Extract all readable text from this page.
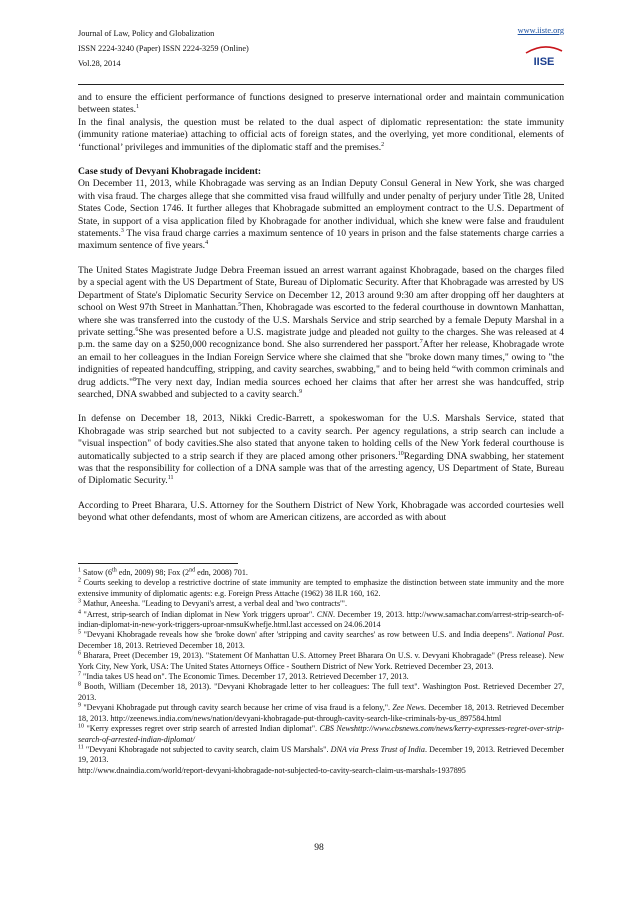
Journal of Law, Policy and Globalization
ISSN 2224-3240 (Paper) ISSN 2224-3259 (Online)
Vol.28, 2014
www.iiste.org
IISE

and to ensure the efficient performance of functions designed to preserve international order and maintain communication between states.$^1$

In the final analysis, the question must be related to the dual aspect of diplomatic representation: the state immunity (immunity ratione materiae) attaching to official acts of foreign states, and the overlying, yet more conditional, elements of ‘functional’ privileges and immunities of the diplomatic staff and the premises.$^2$

Case study of Devyani Khobragade incident:

On December 11, 2013, while Khobragade was serving as an Indian Deputy Consul General in New York, she was charged with visa fraud. The charges allege that she committed visa fraud willfully and under penalty of perjury under Title 28, United States Code, Section 1746. It further alleges that Khobragade submitted an employment contract to the U.S. Department of State, in support of a visa application filed by Khobragade for another individual, which she knew were false and fraudulent statements.$^3$ The visa fraud charge carries a maximum sentence of 10 years in prison and the false statements charge carries a maximum sentence of five years.$^4$

The United States Magistrate Judge Debra Freeman issued an arrest warrant against Khobragade, based on the charges filed by a special agent with the US Department of State, Bureau of Diplomatic Security. After that Khobragade was arrested by US Department of State's Diplomatic Security Service on December 12, 2013 around 9:30 am after dropping off her daughters at school on West 97th Street in Manhattan.$^5$Then, Khobragade was escorted to the federal courthouse in downtown Manhattan, where she was transferred into the custody of the U.S. Marshals Service and strip searched by a female Deputy Marshal in a private setting.$^6$She was presented before a U.S. magistrate judge and pleaded not guilty to the charges. She was released at 4 p.m. the same day on a $250,000 recognizance bond. She also surrendered her passport.$^7$After her release, Khobragade wrote an email to her colleagues in the Indian Foreign Service where she claimed that she "broke down many times," owing to "the indignities of repeated handcuffing, stripping, and cavity searches, swabbing," and to being held “with common criminals and drug addicts."$^8$The very next day, Indian media sources echoed her claims that after her arrest she was handcuffed, strip searched, DNA swabbed and subjected to a cavity search.$^9$

In defense on December 18, 2013, Nikki Credic-Barrett, a spokeswoman for the U.S. Marshals Service, stated that Khobragade was strip searched but not subjected to a cavity search. Per agency regulations, a strip search can include a "visual inspection" of body cavities.She also stated that anyone taken to holding cells of the New York federal courthouse is automatically subjected to a strip search if they are placed among other prisoners.$^{10}$Regarding DNA swabbing, her statement was that the responsibility for collection of a DNA sample was that of the arresting agency, US Department of State, Bureau of Diplomatic Security.$^{11}$

According to Preet Bharara, U.S. Attorney for the Southern District of New York, Khobragade was accorded courtesies well beyond what other defendants, most of whom are American citizens, are accorded as with about

$^1$ Satow (6th edn, 2009) 98; Fox (2nd edn, 2008) 701.

$^2$ Courts seeking to develop a restrictive doctrine of state immunity are tempted to emphasize the distinction between state immunity and the more extensive immunity of diplomatic agents: e.g. Foreign Press Attache (1962) 38 ILR 160, 162.

$^3$ Mathur, Aneesha. "Leading to Devyani's arrest, a verbal deal and 'two contracts'".

$^4$ "Arrest, strip-search of Indian diplomat in New York triggers uproar". CNN. December 19, 2013. http://www.samachar.com/arrest-strip-search-of-indian-diplomat-in-new-york-triggers-uproar-nmsuKwhefje.html.last accessed on 24.06.2014

$^5$ "Devyani Khobragade reveals how she 'broke down' after 'stripping and cavity searches' as row between U.S. and India deepens". National Post. December 18, 2013. Retrieved December 18, 2013.

$^6$ Bharara, Preet (December 19, 2013). "Statement Of Manhattan U.S. Attorney Preet Bharara On U.S. v. Devyani Khobragade" (Press release). New York City, New York, USA: The United States Attorneys Office - Southern District of New York. Retrieved December 23, 2013.

$^7$ "India takes US head on". The Economic Times. December 17, 2013. Retrieved December 17, 2013.

$^8$ Booth, William (December 18, 2013). "Devyani Khobragade letter to her colleagues: The full text". Washington Post. Retrieved December 27, 2013.

$^9$ "Devyani Khobragade put through cavity search because her crime of visa fraud is a felony,". Zee News. December 18, 2013. Retrieved December 18, 2013. http://zeenews.india.com/news/nation/devyani-khobragade-put-through-cavity-search-like-criminals-by-us_897584.html

$^{10}$ "Kerry expresses regret over strip search of arrested Indian diplomat". CBS Newshttp://www.cbsnews.com/news/kerry-expresses-regret-over-strip-search-of-arrested-indian-diplomat/

$^{11}$ "Devyani Khobragade not subjected to cavity search, claim US Marshals". DNA via Press Trust of India. December 19, 2013. Retrieved December 19, 2013.

http://www.dnaindia.com/world/report-devyani-khobragade-not-subjected-to-cavity-search-claim-us-marshals-1937895

98
